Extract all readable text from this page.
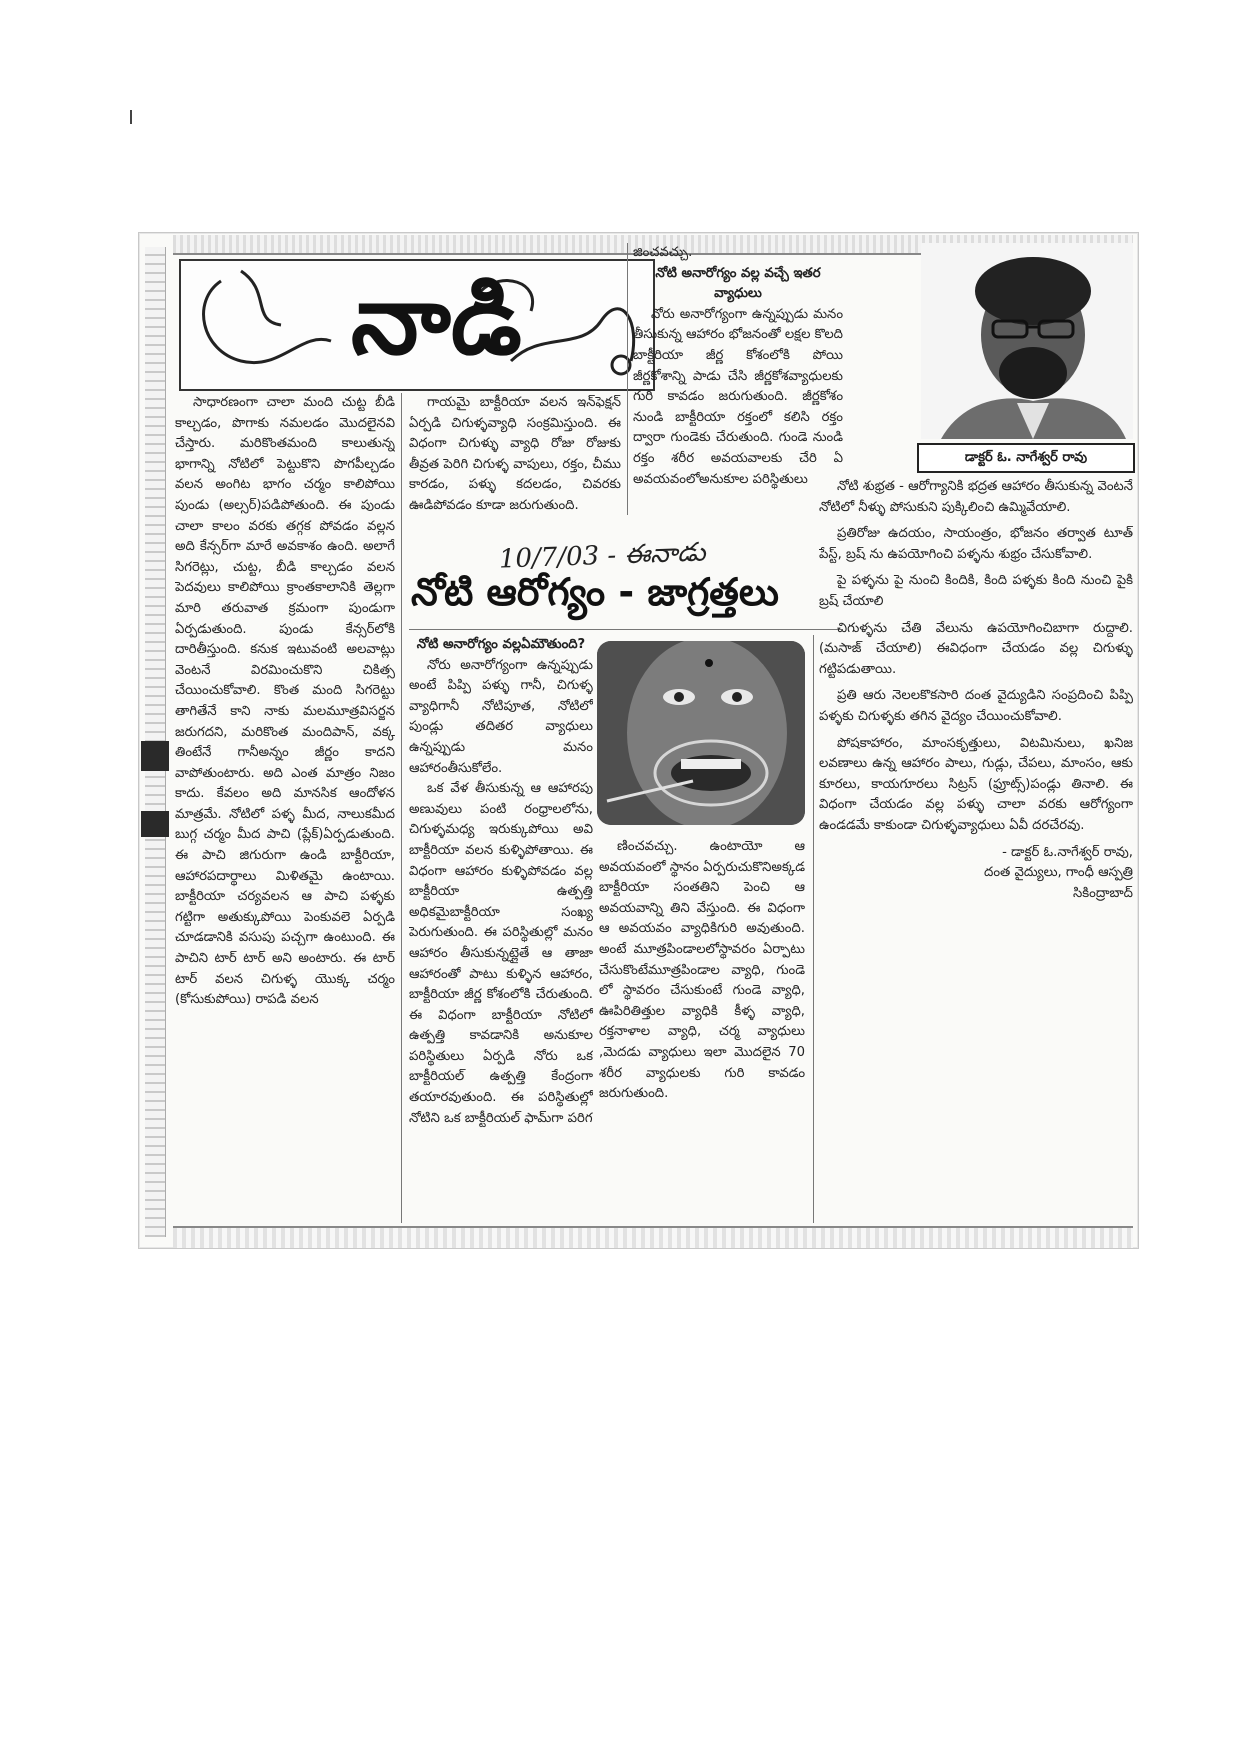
నాడి

సాధారణంగా చాలా మంది చుట్ట బీడి కాల్చడం, పొగాకు నమలడం మొదలైనవి చేస్తారు. మరికొంతమంది కాలుతున్న భాగాన్ని నోటిలో పెట్టుకొని పొగపీల్చడం వలన అంగిట భాగం చర్మం కాలిపోయి పుండు (అల్సర్)పడిపోతుంది. ఈ పుండు చాలా కాలం వరకు తగ్గక పోవడం వల్లన అది కేన్సర్‌గా మారే అవకాశం ఉంది. అలాగే సిగరెట్లు, చుట్ట, బీడి కాల్చడం వలన పెదవులు కాలిపోయి క్రాంతకాలానికి తెల్లగా మారి తరువాత క్రమంగా పుండుగా ఏర్పడుతుంది. పుండు కేన్సర్‌లోకి దారితీస్తుంది. కనుక ఇటువంటి అలవాట్లు వెంటనే విరమించుకొని చికిత్స చేయించుకోవాలి. కొంత మంది సిగరెట్టు తాగితేనే కాని నాకు మలమూత్రవిసర్జన జరుగదని, మరికొంత మందిపాన్, వక్క తింటేనే గానీఅన్నం జీర్ణం కాదని వాపోతుంటారు. అది ఎంత మాత్రం నిజం కాదు. కేవలం అది మానసిక ఆందోళన మాత్రమే. నోటిలో పళ్ళ మీద, నాలుకమీద బుగ్గ చర్మం మీద పాచి (ప్లేక్)ఏర్పడుతుంది. ఈ పాచి జిగురుగా ఉండి బాక్టీరియా, ఆహారపదార్థాలు మిళితమై ఉంటాయి. బాక్టీరియా చర్యవలన ఆ పాచి పళ్ళకు గట్టిగా అతుక్కుపోయి పెంకువలె ఏర్పడి చూడడానికి వసుపు పచ్చగా ఉంటుంది. ఈ పాచిని టార్ టార్ అని అంటారు. ఈ టార్ టార్ వలన చిగుళ్ళ యొక్క చర్మం (కోసుకుపోయి) రాపడి వలన

గాయమై బాక్టీరియా వలన ఇన్‌ఫెక్షన్ ఏర్పడి చిగుళ్ళవ్యాధి సంక్రమిస్తుంది. ఈ విధంగా చిగుళ్ళు వ్యాధి రోజు రోజుకు తీవ్రత పెరిగి చిగుళ్ళ వాపులు, రక్తం, చీము కారడం, పళ్ళు కదలడం, చివరకు ఊడిపోవడం కూడా జరుగుతుంది.

జించవచ్చు.

నోటి అనారోగ్యం వల్ల వచ్చే ఇతర వ్యాధులు

నోరు అనారోగ్యంగా ఉన్నప్పుడు మనం తీసుకున్న ఆహారం భోజనంతో లక్షల కొలది బాక్టీరియా జీర్ణ కోశంలోకి పోయి జీర్ణకోశాన్ని పాడు చేసి జీర్ణకోశవ్యాధులకు గురి కావడం జరుగుతుంది. జీర్ణకోశం నుండి బాక్టీరియా రక్తంలో కలిసి రక్తం ద్వారా గుండెకు చేరుతుంది. గుండె నుండి రక్తం శరీర అవయవాలకు చేరి ఏ అవయవంలోఅనుకూల పరిస్థితులు

డాక్టర్ ఓ. నాగేశ్వర్ రావు
10/7/03 - ఈనాడు
నోటి ఆరోగ్యం - జాగ్రత్తలు

నోటి అనారోగ్యం వల్లఏమౌతుంది?

నోరు అనారోగ్యంగా ఉన్నప్పుడు అంటే పిప్పి పళ్ళు గానీ, చిగుళ్ళ వ్యాధిగానీ నోటిపూత, నోటిలో పుండ్లు తదితర వ్యాధులు ఉన్నప్పుడు మనం ఆహారంతీసుకోలేం.

ఒక వేళ తీసుకున్న ఆ ఆహారపు అణువులు పంటి రంధ్రాలలోను, చిగుళ్ళమధ్య ఇరుక్కుపోయి అవి బాక్టీరియా వలన కుళ్ళిపోతాయి. ఈ విధంగా ఆహారం కుళ్ళిపోవడం వల్ల బాక్టీరియా ఉత్పత్తి అధికమైబాక్టీరియా సంఖ్య పెరుగుతుంది. ఈ పరిస్థితుల్లో మనం ఆహారం తీసుకున్నట్లైతే ఆ తాజా ఆహారంతో పాటు కుళ్ళిన ఆహారం, బాక్టీరియా జీర్ణ కోశంలోకి చేరుతుంది. ఈ విధంగా బాక్టీరియా నోటిలో ఉత్పత్తి కావడానికి అనుకూల పరిస్థితులు ఏర్పడి నోరు ఒక బాక్టీరియల్ ఉత్పత్తి కేంద్రంగా తయారవుతుంది. ఈ పరిస్థితుల్లో నోటిని ఒక బాక్టీరియల్ ఫామ్‌గా పరిగ

ణించవచ్చు. ఉంటాయో ఆ అవయవంలో స్థానం ఏర్పరుచుకొనిఅక్కడ బాక్టీరియా సంతతిని పెంచి ఆ అవయవాన్ని తిని వేస్తుంది. ఈ విధంగా ఆ అవయవం వ్యాధికిగురి అవుతుంది. అంటే మూత్రపిండాలలోస్థావరం ఏర్పాటు చేసుకొంటేమూత్రపిండాల వ్యాధి, గుండె లో స్థావరం చేసుకుంటే గుండె వ్యాధి, ఊపిరితిత్తుల వ్యాధికి కీళ్ళ వ్యాధి, రక్తనాళాల వ్యాధి, చర్మ వ్యాధులు ,మెదడు వ్యాధులు ఇలా మొదలైన 70 శరీర వ్యాధులకు గురి కావడం జరుగుతుంది.

నోటి శుభ్రత - ఆరోగ్యానికి భద్రత ఆహారం తీసుకున్న వెంటనే నోటిలో నీళ్ళు పోసుకుని పుక్కిలించి ఉమ్మివేయాలి.

ప్రతిరోజు ఉదయం, సాయంత్రం, భోజనం తర్వాత టూత్ పేస్ట్, బ్రష్ ను ఉపయోగించి పళ్ళను శుభ్రం చేసుకోవాలి.

పై పళ్ళను పై నుంచి కిందికి, కింది పళ్ళకు కింది నుంచి పైకి బ్రష్ చేయాలి

చిగుళ్ళను చేతి వేలును ఉపయోగించిబాగా రుద్దాలి. (మసాజ్ చేయాలి) ఈవిధంగా చేయడం వల్ల చిగుళ్ళు గట్టిపడుతాయి.

ప్రతి ఆరు నెలలకొకసారి దంత వైద్యుడిని సంప్రదించి పిప్పి పళ్ళకు చిగుళ్ళకు తగిన వైద్యం చేయించుకోవాలి.

పోషకాహారం, మాంసకృత్తులు, విటమినులు, ఖనిజ లవణాలు ఉన్న ఆహారం పాలు, గుడ్లు, చేపలు, మాంసం, ఆకు కూరలు, కాయగూరలు సిట్రస్ (ఫ్రూట్స్)పండ్లు తినాలి. ఈ విధంగా చేయడం వల్ల పళ్ళు చాలా వరకు ఆరోగ్యంగా ఉండడమే కాకుండా చిగుళ్ళవ్యాధులు ఏవీ దరచేరవు.

- డాక్టర్ ఓ.నాగేశ్వర్ రావు,

దంత వైద్యులు, గాంధీ ఆస్పత్రి

సికింద్రాబాద్
